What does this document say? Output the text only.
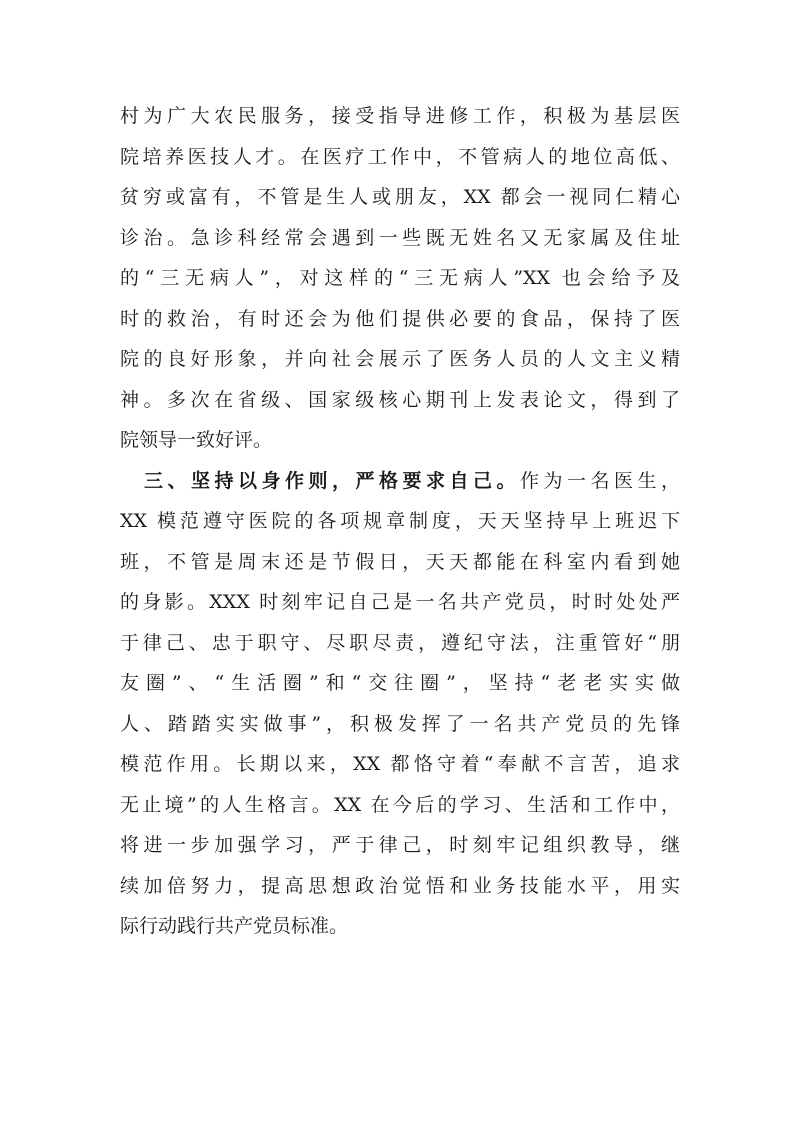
村为广大农民服务，接受指导进修工作，积极为基层医
院培养医技人才。在医疗工作中，不管病人的地位高低、
贫穷或富有，不管是生人或朋友，XX 都会一视同仁精心
诊治。急诊科经常会遇到一些既无姓名又无家属及住址
的“三无病人”，对这样的“三无病人”XX 也会给予及
时的救治，有时还会为他们提供必要的食品，保持了医
院的良好形象，并向社会展示了医务人员的人文主义精
神。多次在省级、国家级核心期刊上发表论文，得到了
院领导一致好评。
三、坚持以身作则，严格要求自己。作为一名医生，
XX 模范遵守医院的各项规章制度，天天坚持早上班迟下
班，不管是周末还是节假日，天天都能在科室内看到她
的身影。XXX 时刻牢记自己是一名共产党员，时时处处严
于律己、忠于职守、尽职尽责，遵纪守法，注重管好“朋
友圈”、“生活圈”和“交往圈”，坚持“老老实实做
人、踏踏实实做事”，积极发挥了一名共产党员的先锋
模范作用。长期以来，XX 都恪守着“奉献不言苦，追求
无止境”的人生格言。XX 在今后的学习、生活和工作中，
将进一步加强学习，严于律己，时刻牢记组织教导，继
续加倍努力，提高思想政治觉悟和业务技能水平，用实
际行动践行共产党员标准。
